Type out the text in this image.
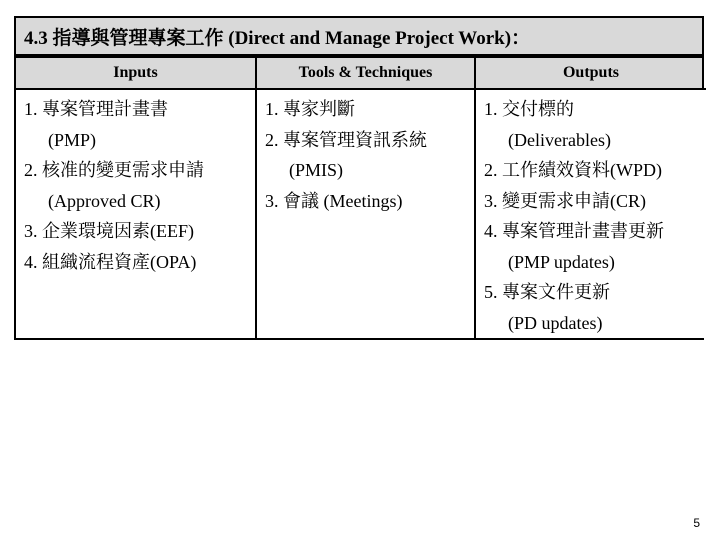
4.3 指導與管理專案工作 (Direct and Manage Project Work)：
Inputs
1. 專案管理計畫書
(PMP)
2. 核准的變更需求申請
(Approved CR)
3. 企業環境因素(EEF)
4. 組織流程資產(OPA)
Tools & Techniques
1. 專家判斷
2. 專案管理資訊系統
(PMIS)
3. 會議 (Meetings)
Outputs
1. 交付標的
(Deliverables)
2. 工作績效資料(WPD)
3. 變更需求申請(CR)
4. 專案管理計畫書更新
(PMP updates)
5. 專案文件更新
(PD updates)
5
